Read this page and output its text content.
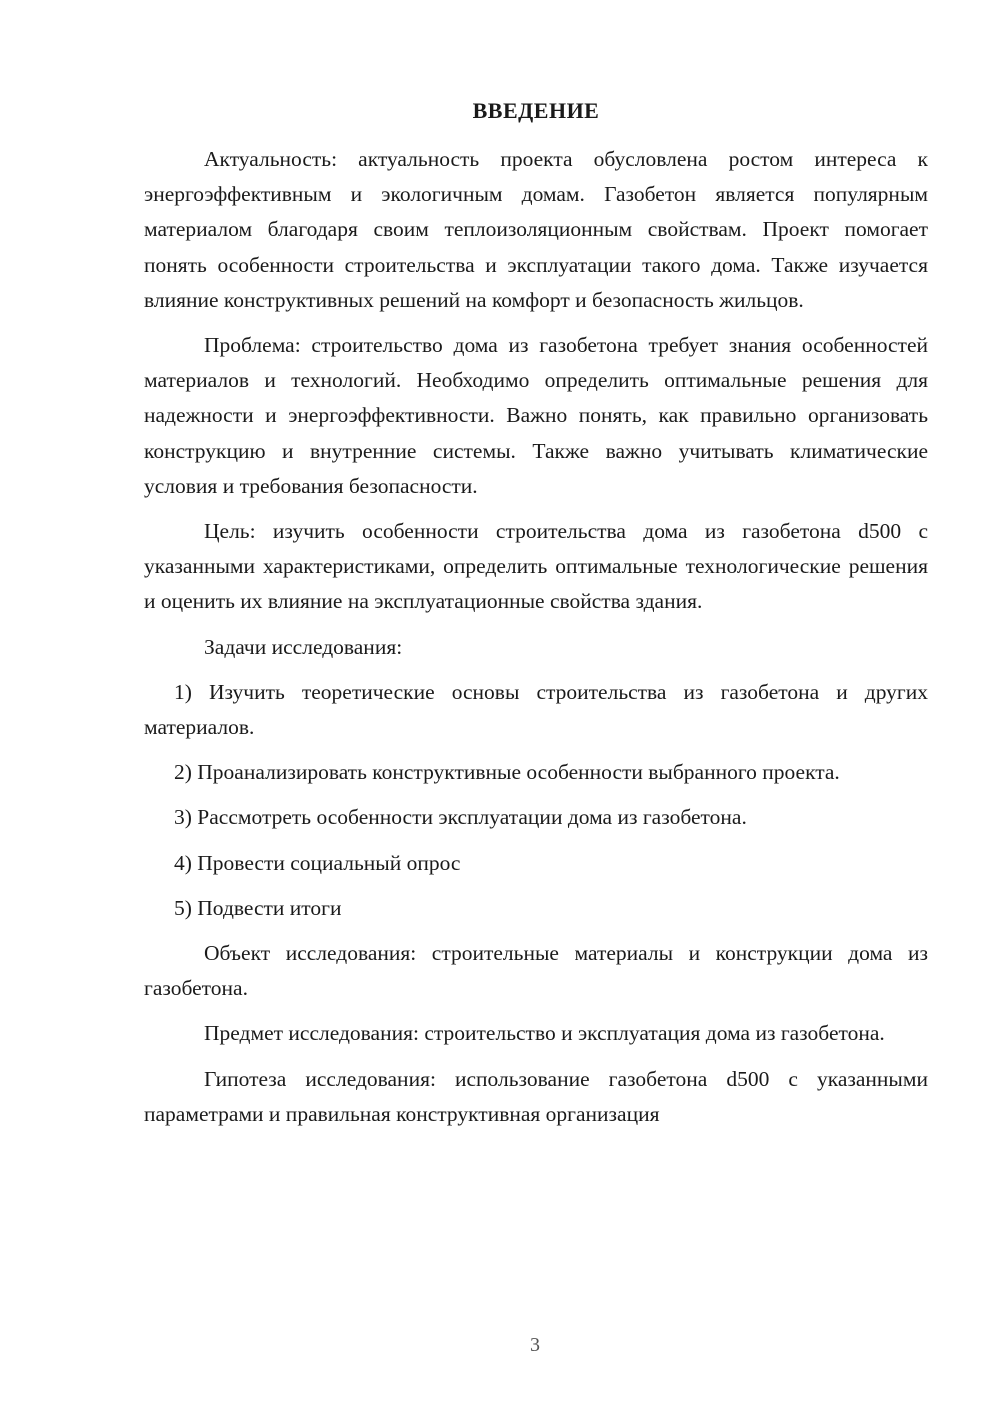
ВВЕДЕНИЕ

Актуальность: актуальность проекта обусловлена ростом интереса к энергоэффективным и экологичным домам. Газобетон является популярным материалом благодаря своим теплоизоляционным свойствам. Проект помогает понять особенности строительства и эксплуатации такого дома. Также изучается влияние конструктивных решений на комфорт и безопасность жильцов.

Проблема: строительство дома из газобетона требует знания особенностей материалов и технологий. Необходимо определить оптимальные решения для надежности и энергоэффективности. Важно понять, как правильно организовать конструкцию и внутренние системы. Также важно учитывать климатические условия и требования безопасности.

Цель: изучить особенности строительства дома из газобетона d500 с указанными характеристиками, определить оптимальные технологические решения и оценить их влияние на эксплуатационные свойства здания.

Задачи исследования:

1) Изучить теоретические основы строительства из газобетона и других материалов.

2) Проанализировать конструктивные особенности выбранного проекта.

3) Рассмотреть особенности эксплуатации дома из газобетона.

4) Провести социальный опрос

5) Подвести итоги

Объект исследования: строительные материалы и конструкции дома из газобетона.

Предмет исследования: строительство и эксплуатация дома из газобетона.

Гипотеза исследования: использование газобетона d500 с указанными параметрами и правильная конструктивная организация

3
